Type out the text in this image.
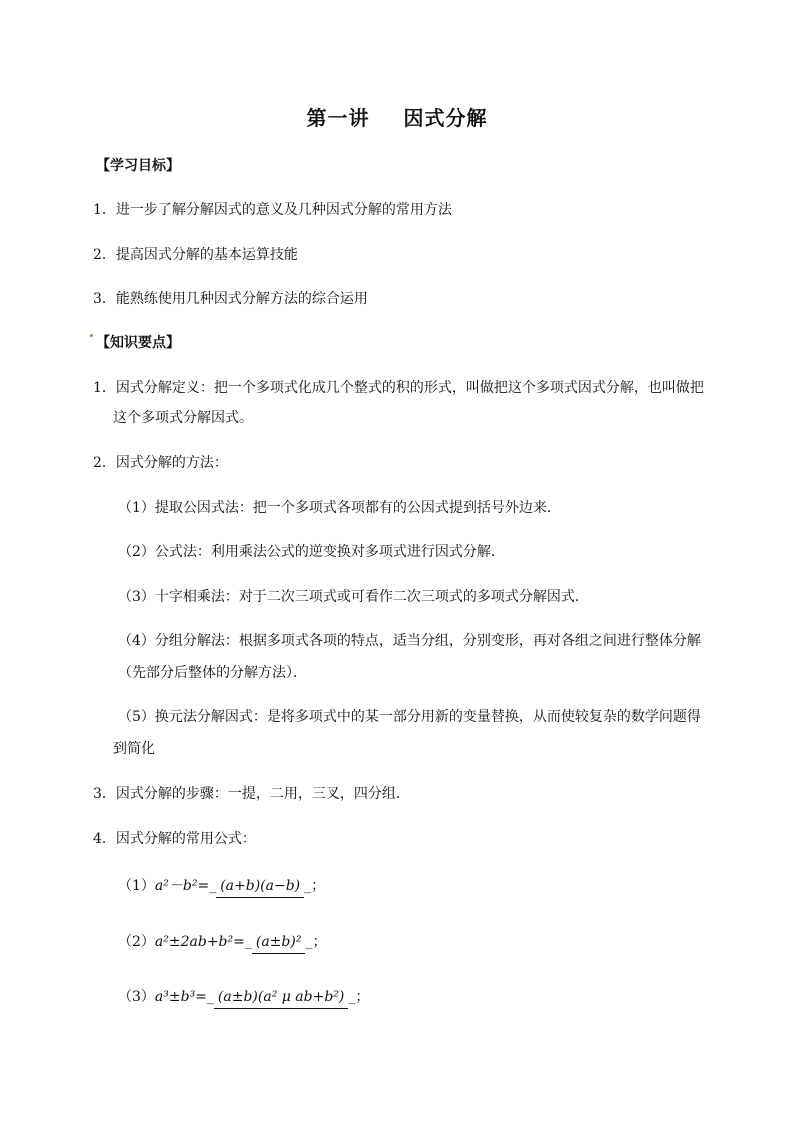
第一讲 因式分解
【学习目标】
1．进一步了解分解因式的意义及几种因式分解的常用方法
2．提高因式分解的基本运算技能
3．能熟练使用几种因式分解方法的综合运用
【知识要点】
1．因式分解定义：把一个多项式化成几个整式的积的形式，叫做把这个多项式因式分解，也叫做把
这个多项式分解因式。
2．因式分解的方法：
（1）提取公因式法：把一个多项式各项都有的公因式提到括号外边来．
（2）公式法：利用乘法公式的逆变换对多项式进行因式分解．
（3）十字相乘法：对于二次三项式或可看作二次三项式的多项式分解因式．
（4）分组分解法：根据多项式各项的特点，适当分组，分别变形，再对各组之间进行整体分解
（先部分后整体的分解方法）．
（5）换元法分解因式：是将多项式中的某一部分用新的变量替换，从而使较复杂的数学问题得
到简化
3．因式分解的步骤：一提，二用，三叉，四分组．
4．因式分解的常用公式：
（1）a²－b²=_ (a+b)(a−b) _；
（2）a²±2ab+b²=_ (a±b)² _；
（3）a³±b³=_ (a±b)(a² μ ab+b²) _；
